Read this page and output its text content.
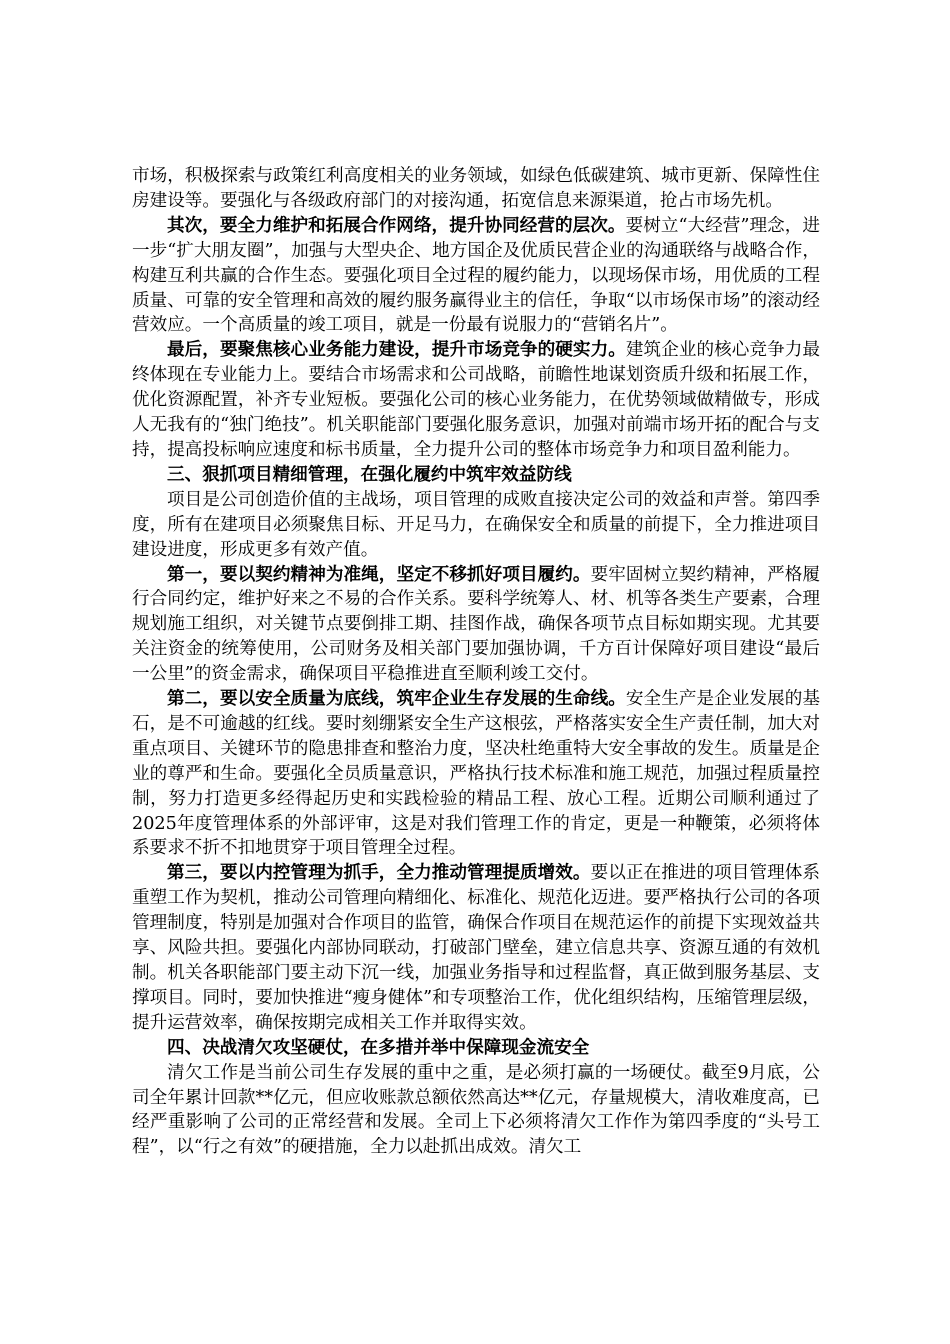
市场，积极探索与政策红利高度相关的业务领域，如绿色低碳建筑、城市更新、保障性住房建设等。要强化与各级政府部门的对接沟通，拓宽信息来源渠道，抢占市场先机。

其次，要全力维护和拓展合作网络，提升协同经营的层次。要树立“大经营”理念，进一步“扩大朋友圈”，加强与大型央企、地方国企及优质民营企业的沟通联络与战略合作，构建互利共赢的合作生态。要强化项目全过程的履约能力，以现场保市场，用优质的工程质量、可靠的安全管理和高效的履约服务赢得业主的信任，争取“以市场保市场”的滚动经营效应。一个高质量的竣工项目，就是一份最有说服力的“营销名片”。

最后，要聚焦核心业务能力建设，提升市场竞争的硬实力。建筑企业的核心竞争力最终体现在专业能力上。要结合市场需求和公司战略，前瞻性地谋划资质升级和拓展工作，优化资源配置，补齐专业短板。要强化公司的核心业务能力，在优势领域做精做专，形成人无我有的“独门绝技”。机关职能部门要强化服务意识，加强对前端市场开拓的配合与支持，提高投标响应速度和标书质量，全力提升公司的整体市场竞争力和项目盈利能力。

三、狠抓项目精细管理，在强化履约中筑牢效益防线

项目是公司创造价值的主战场，项目管理的成败直接决定公司的效益和声誉。第四季度，所有在建项目必须聚焦目标、开足马力，在确保安全和质量的前提下，全力推进项目建设进度，形成更多有效产值。

第一，要以契约精神为准绳，坚定不移抓好项目履约。要牢固树立契约精神，严格履行合同约定，维护好来之不易的合作关系。要科学统筹人、材、机等各类生产要素，合理规划施工组织，对关键节点要倒排工期、挂图作战，确保各项节点目标如期实现。尤其要关注资金的统筹使用，公司财务及相关部门要加强协调，千方百计保障好项目建设“最后一公里”的资金需求，确保项目平稳推进直至顺利竣工交付。

第二，要以安全质量为底线，筑牢企业生存发展的生命线。安全生产是企业发展的基石，是不可逾越的红线。要时刻绷紧安全生产这根弦，严格落实安全生产责任制，加大对重点项目、关键环节的隐患排查和整治力度，坚决杜绝重特大安全事故的发生。质量是企业的尊严和生命。要强化全员质量意识，严格执行技术标准和施工规范，加强过程质量控制，努力打造更多经得起历史和实践检验的精品工程、放心工程。近期公司顺利通过了2025年度管理体系的外部评审，这是对我们管理工作的肯定，更是一种鞭策，必须将体系要求不折不扣地贯穿于项目管理全过程。

第三，要以内控管理为抓手，全力推动管理提质增效。要以正在推进的项目管理体系重塑工作为契机，推动公司管理向精细化、标准化、规范化迈进。要严格执行公司的各项管理制度，特别是加强对合作项目的监管，确保合作项目在规范运作的前提下实现效益共享、风险共担。要强化内部协同联动，打破部门壁垒，建立信息共享、资源互通的有效机制。机关各职能部门要主动下沉一线，加强业务指导和过程监督，真正做到服务基层、支撑项目。同时，要加快推进“瘦身健体”和专项整治工作，优化组织结构，压缩管理层级，提升运营效率，确保按期完成相关工作并取得实效。

四、决战清欠攻坚硬仗，在多措并举中保障现金流安全

清欠工作是当前公司生存发展的重中之重，是必须打赢的一场硬仗。截至9月底，公司全年累计回款**亿元，但应收账款总额依然高达**亿元，存量规模大，清收难度高，已经严重影响了公司的正常经营和发展。全司上下必须将清欠工作作为第四季度的“头号工程”，以“行之有效”的硬措施，全力以赴抓出成效。清欠工
